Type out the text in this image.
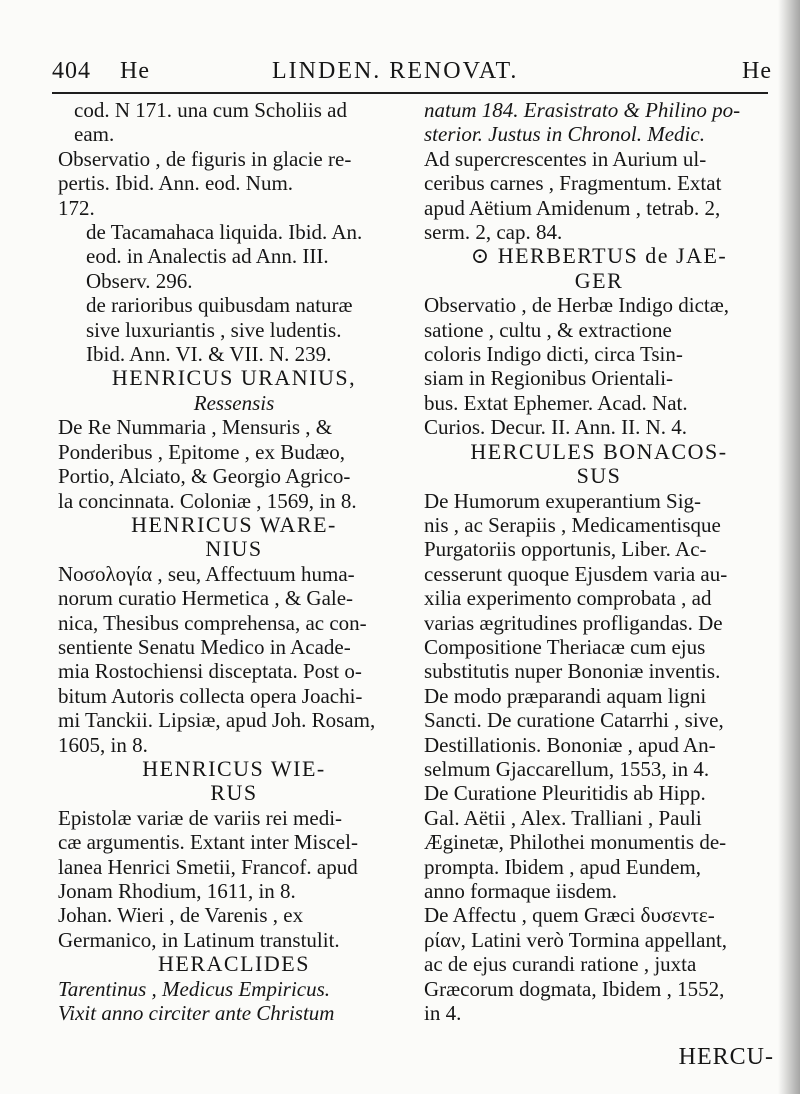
404 He	LINDEN. RENOVAT.	He
cod. N 171. una cum Scholiis ad
eam.
Observatio , de figuris in glacie re-
pertis. Ibid. Ann. eod. Num.
172.
de Tacamahaca liquida. Ibid. An.
eod. in Analectis ad Ann. III.
Observ. 296.
de rarioribus quibusdam naturæ
sive luxuriantis , sive ludentis.
Ibid. Ann. VI. & VII. N. 239.
HENRICUS URANIUS,
Ressensis
De Re Nummaria , Mensuris , &
Ponderibus , Epitome , ex Budæo,
Portio, Alciato, & Georgio Agrico-
la concinnata. Coloniæ , 1569, in 8.
HENRICUS WARE-
NIUS
Νοσολογία , seu, Affectuum huma-
norum curatio Hermetica , & Gale-
nica, Thesibus comprehensa, ac con-
sentiente Senatu Medico in Acade-
mia Rostochiensi disceptata. Post o-
bitum Autoris collecta opera Joachi-
mi Tanckii. Lipsiæ, apud Joh. Rosam,
1605, in 8.
HENRICUS WIE-
RUS
Epistolæ variæ de variis rei medi-
cæ argumentis. Extant inter Miscel-
lanea Henrici Smetii, Francof. apud
Jonam Rhodium, 1611, in 8.
Johan. Wieri , de Varenis , ex
Germanico, in Latinum transtulit.
HERACLIDES
Tarentinus , Medicus Empiricus.
Vixit anno circiter ante Christum
natum 184. Erasistrato & Philino po-
sterior. Justus in Chronol. Medic.
Ad supercrescentes in Aurium ul-
ceribus carnes , Fragmentum. Extat
apud Aëtium Amidenum , tetrab. 2,
serm. 2, cap. 84.
⊙ HERBERTUS de JAE-
GER
Observatio , de Herbæ Indigo dictæ,
satione , cultu , & extractione
coloris Indigo dicti, circa Tsin-
siam in Regionibus Orientali-
bus. Extat Ephemer. Acad. Nat.
Curios. Decur. II. Ann. II. N. 4.
HERCULES BONACOS-
SUS
De Humorum exuperantium Sig-
nis , ac Serapiis , Medicamentisque
Purgatoriis opportunis, Liber. Ac-
cesserunt quoque Ejusdem varia au-
xilia experimento comprobata , ad
varias ægritudines profligandas. De
Compositione Theriacæ cum ejus
substitutis nuper Bononiæ inventis.
De modo præparandi aquam ligni
Sancti. De curatione Catarrhi , sive,
Destillationis. Bononiæ , apud An-
selmum Gjaccarellum, 1553, in 4.
De Curatione Pleuritidis ab Hipp.
Gal. Aëtii , Alex. Tralliani , Pauli
Æginetæ, Philothei monumentis de-
prompta. Ibidem , apud Eundem,
anno formaque iisdem.
De Affectu , quem Græci δυσεντε-
ρίαν, Latini verò Tormina appellant,
ac de ejus curandi ratione , juxta
Græcorum dogmata, Ibidem , 1552,
in 4.
HERCU-
